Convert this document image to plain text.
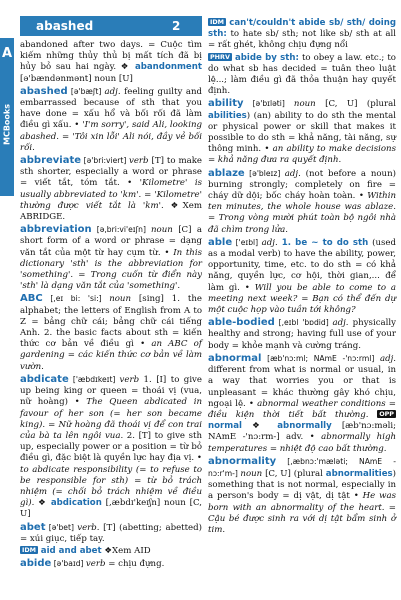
A
MCBooks
abashed	2

abandoned after two days. = Cuộc tìm kiếm những thủy thủ bị mất tích đã bị hủy bỏ sau hai ngày. ❖ abandonment [ə'bændənmənt] noun [U]

abashed [ə'bæʃt] adj. feeling guilty and embarrassed because of sth that you have done = xấu hổ và bối rối đã làm điều gì xấu. • 'I'm sorry', said Ali, looking abashed. = 'Tôi xin lỗi' Ali nói, đầy vẻ bối rối.

abbreviate [ə'bri:viert] verb [T] to make sth shorter, especially a word or phrase = viết tắt, tóm tắt. • 'Kilometre' is usually abbreviated to 'km'. = 'Kilometre' thường được viết tắt là 'km'. ❖Xem ABRIDGE.

abbreviation [ə,bri:vi'eɪʃn] noun [C] a short form of a word or phrase = dạng văn tắt của một từ hay cụm từ. • In this dictionary 'sth' is the abbreviation for 'something'. = Trong cuốn từ điển này 'sth' là dạng văn tắt của 'something'.

ABC [,eɪ bi: 'si:] noun [sing] 1. the alphabet; the letters of English from A to Z = bảng chữ cái; bảng chữ cái tiếng Anh. 2. the basic facts about sth = kiến thức cơ bản về điều gì • an ABC of gardening = các kiến thức cơ bản về làm vườn.

abdicate ['æbdɪkeɪt] verb 1. [I] to give up being king or queen = thoái vị (vua, nữ hoàng) • The Queen abdicated in favour of her son (= her son became king). = Nữ hoàng đã thoái vị để con trai của bà ta lên ngôi vua. 2. [T] to give sth up, especially power or a position = từ bỏ điều gì, đặc biệt là quyền lực hay địa vị. • to abdicate responsibility (= to refuse to be responsible for sth) = từ bỏ trách nhiệm (= chối bỏ trách nhiệm về điều gì). ❖ abdication [,æbdɪ'keɪʃn] noun [C, U]

abet [ə'bet] verb. [T] (abetting; abetted) = xúi giục, tiếp tay.

IDM aid and abet ❖Xem AID

abide [ə'baɪd] verb = chịu đựng.

IDM can't/couldn't abide sb/ sth/ doing sth: to hate sb/ sth; not like sb/ sth at all = rất ghét, không chịu đựng nổi

PHRV abide by sth: to obey a law. etc.; to do what sb has decided = tuân theo luật lệ...; làm điều gì đã thỏa thuận hay quyết định.

ability [ə'bɪləti] noun [C, U] (plural abilities) (an) ability to do sth the mental or physical power or skill that makes it possible to do sth = khả năng, tài năng, sự thông minh. • an ability to make decisions = khả năng đưa ra quyết định.

ablaze [ə'bleɪz] adj. (not before a noun) burning strongly; completely on fire = cháy dữ dội; bốc cháy hoàn toàn. • Within ten minutes, the whole house was ablaze. = Trong vòng mười phút toàn bộ ngôi nhà đã chìm trong lửa.

able ['eɪbl] adj. 1. be ~ to do sth (used as a modal verb) to have the ability, power, opportunity, time, etc. to do sth = có khả năng, quyền lực, cơ hội, thời gian,... để làm gì. • Will you be able to come to a meeting next week? = Bạn có thể đến dự một cuộc họp vào tuần tới không?

able-bodied [,eɪbl 'bɒdid] adj. physically healthy and strong; having full use of your body = khỏe mạnh và cường tráng.

abnormal [æb'nɔ:ml; NAmE -'nɔ:rml] adj. different from what is normal or usual, in a way that worries you or that is unpleasant = khác thường gây khó chịu, ngoại lệ. • abnormal weather conditions = điều kiện thời tiết bất thường. OPP normal ❖ abnormally [æb'nɔ:məli; NAmE -'nɔ:rm-] adv. • abnormally high temperatures = nhiệt độ cao bất thường.

abnormality [,æbnɔ:'mæləti; NAmE -nɔ:r'm-] noun [C, U] (plural abnormalities) something that is not normal, especially in a person's body = dị vật, dị tật • He was born with an abnormality of the heart. = Cậu bé được sinh ra với dị tật bẩm sinh ở tim.
